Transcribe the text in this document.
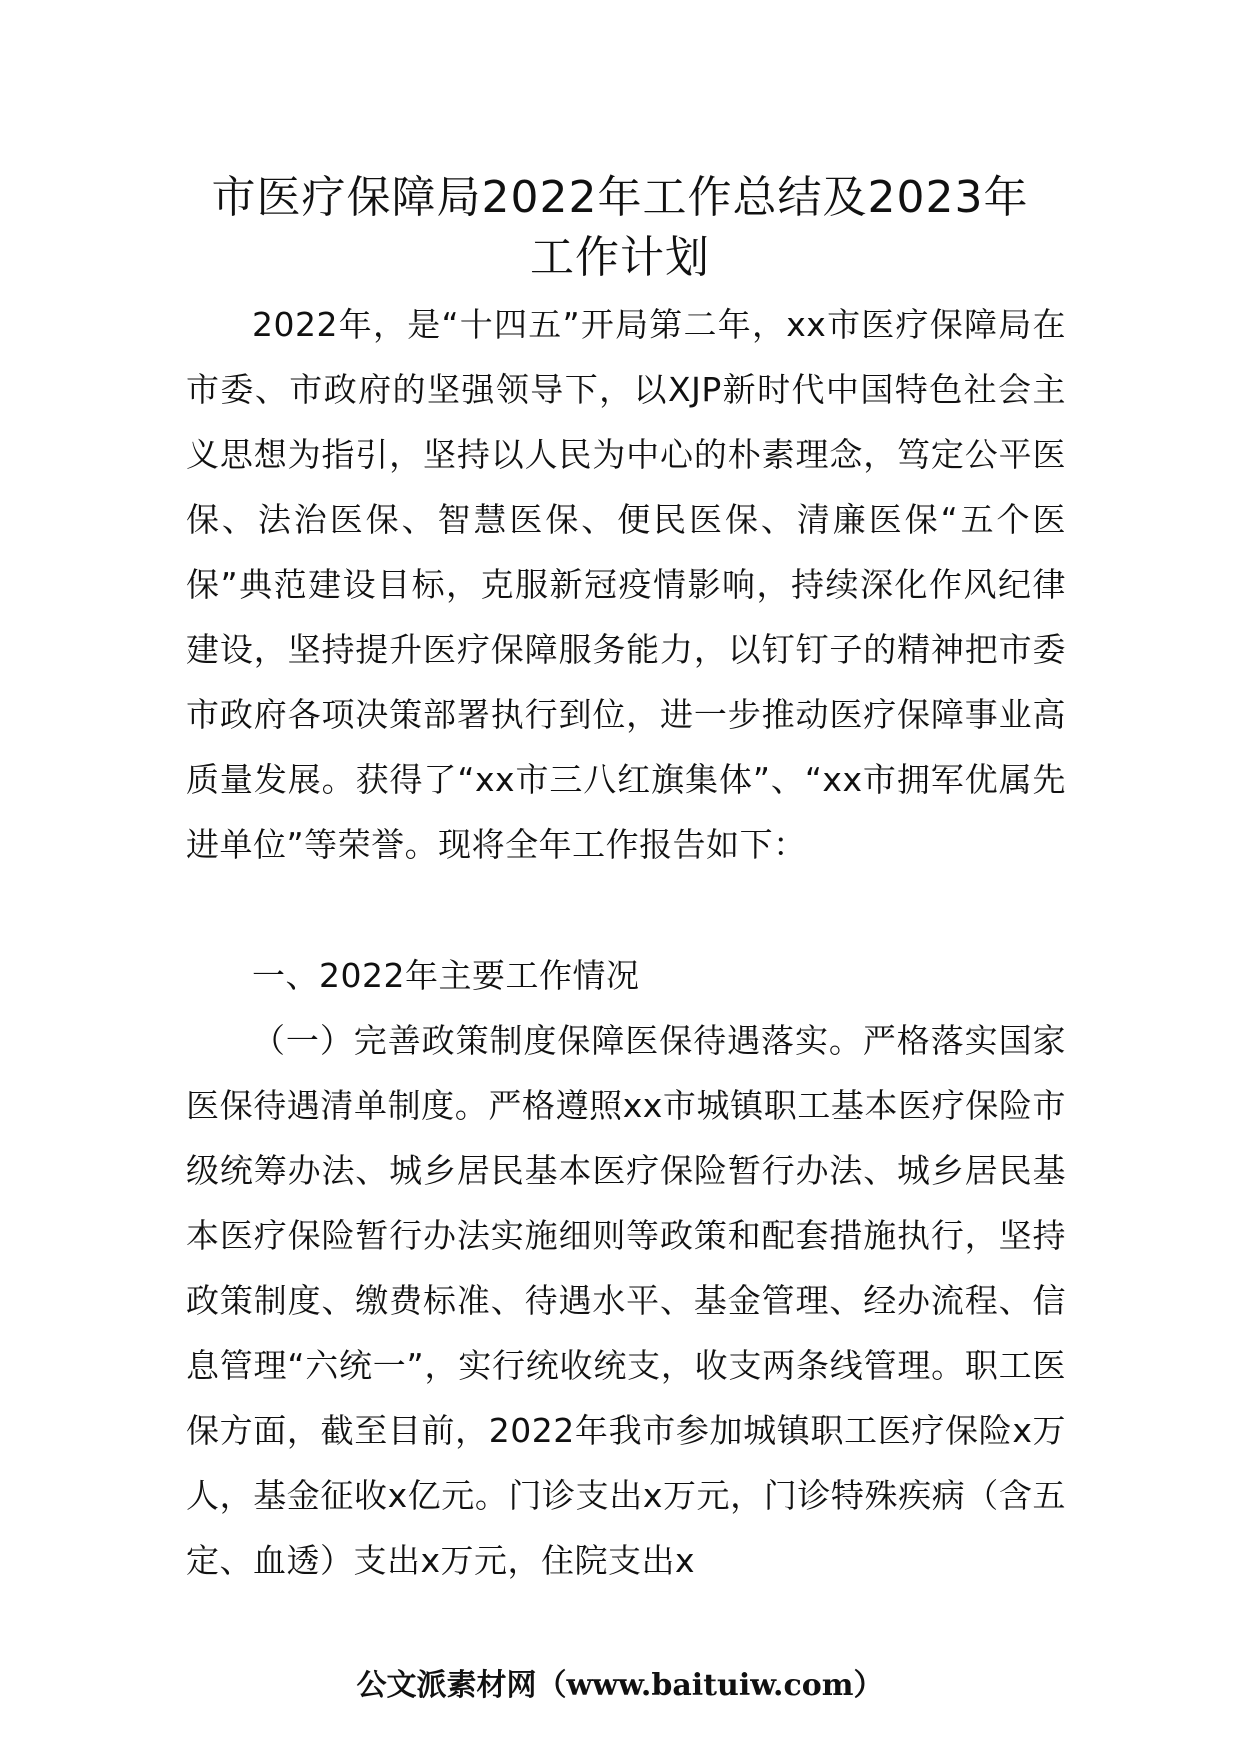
市医疗保障局2022年工作总结及2023年
工作计划

2022年，是“十四五”开局第二年，xx市医疗保障局在市委、市政府的坚强领导下，以XJP新时代中国特色社会主义思想为指引，坚持以人民为中心的朴素理念，笃定公平医保、法治医保、智慧医保、便民医保、清廉医保“五个医保”典范建设目标，克服新冠疫情影响，持续深化作风纪律建设，坚持提升医疗保障服务能力，以钉钉子的精神把市委市政府各项决策部署执行到位，进一步推动医疗保障事业高质量发展。获得了“xx市三八红旗集体”、“xx市拥军优属先进单位”等荣誉。现将全年工作报告如下：

一、2022年主要工作情况

（一）完善政策制度保障医保待遇落实。严格落实国家医保待遇清单制度。严格遵照xx市城镇职工基本医疗保险市级统筹办法、城乡居民基本医疗保险暂行办法、城乡居民基本医疗保险暂行办法实施细则等政策和配套措施执行，坚持政策制度、缴费标准、待遇水平、基金管理、经办流程、信息管理“六统一”，实行统收统支，收支两条线管理。职工医保方面，截至目前，2022年我市参加城镇职工医疗保险x万人，基金征收x亿元。门诊支出x万元，门诊特殊疾病（含五定、血透）支出x万元，住院支出x

公文派素材网（www.baituiw.com）
